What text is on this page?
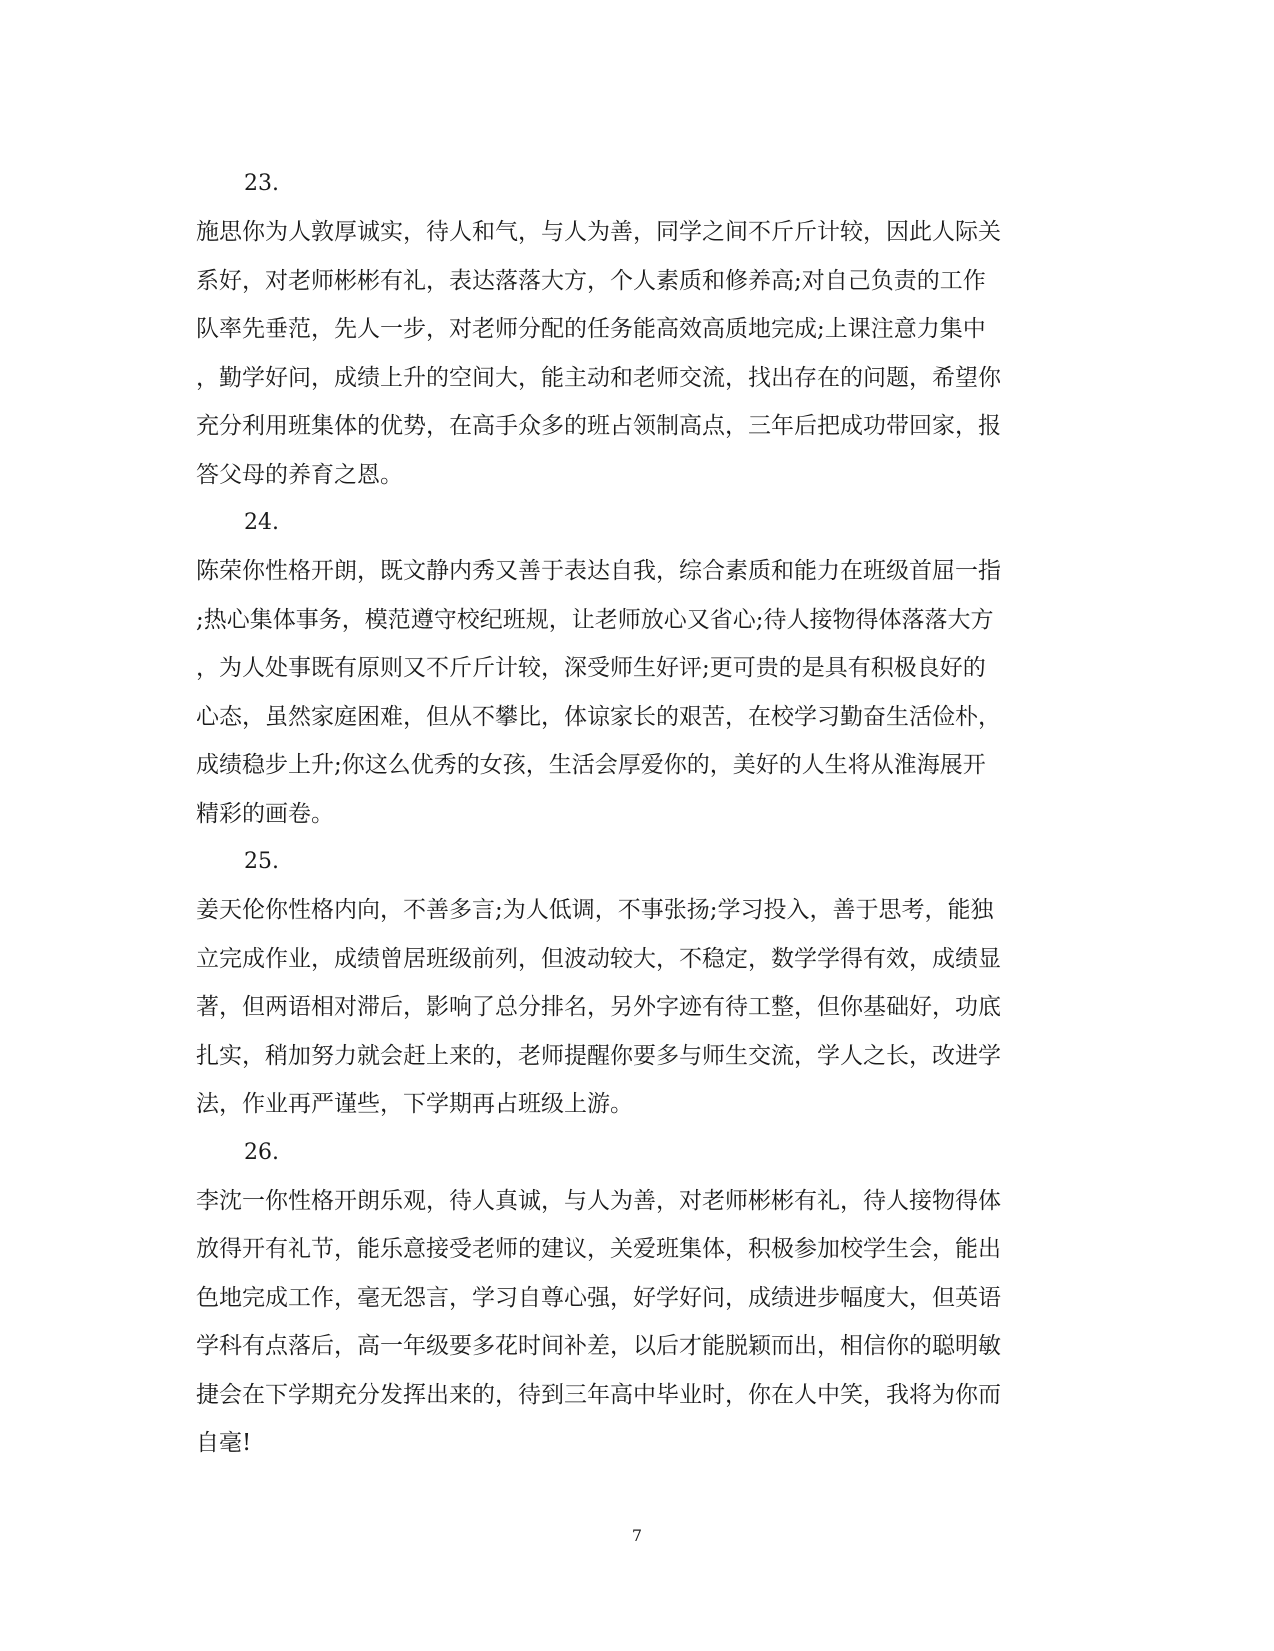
23.

施思你为人敦厚诚实，待人和气，与人为善，同学之间不斤斤计较，因此人际关

系好，对老师彬彬有礼，表达落落大方，个人素质和修养高;对自己负责的工作

队率先垂范，先人一步，对老师分配的任务能高效高质地完成;上课注意力集中

，勤学好问，成绩上升的空间大，能主动和老师交流，找出存在的问题，希望你

充分利用班集体的优势，在高手众多的班占领制高点，三年后把成功带回家，报

答父母的养育之恩。

24.

陈荣你性格开朗，既文静内秀又善于表达自我，综合素质和能力在班级首屈一指

;热心集体事务，模范遵守校纪班规，让老师放心又省心;待人接物得体落落大方

，为人处事既有原则又不斤斤计较，深受师生好评;更可贵的是具有积极良好的

心态，虽然家庭困难，但从不攀比，体谅家长的艰苦，在校学习勤奋生活俭朴，

成绩稳步上升;你这么优秀的女孩，生活会厚爱你的，美好的人生将从淮海展开

精彩的画卷。

25.

姜天伦你性格内向，不善多言;为人低调，不事张扬;学习投入，善于思考，能独

立完成作业，成绩曾居班级前列，但波动较大，不稳定，数学学得有效，成绩显

著，但两语相对滞后，影响了总分排名，另外字迹有待工整，但你基础好，功底

扎实，稍加努力就会赶上来的，老师提醒你要多与师生交流，学人之长，改进学

法，作业再严谨些，下学期再占班级上游。

26.

李沈一你性格开朗乐观，待人真诚，与人为善，对老师彬彬有礼，待人接物得体

放得开有礼节，能乐意接受老师的建议，关爱班集体，积极参加校学生会，能出

色地完成工作，毫无怨言，学习自尊心强，好学好问，成绩进步幅度大，但英语

学科有点落后，高一年级要多花时间补差，以后才能脱颖而出，相信你的聪明敏

捷会在下学期充分发挥出来的，待到三年高中毕业时，你在人中笑，我将为你而

自毫!

7
